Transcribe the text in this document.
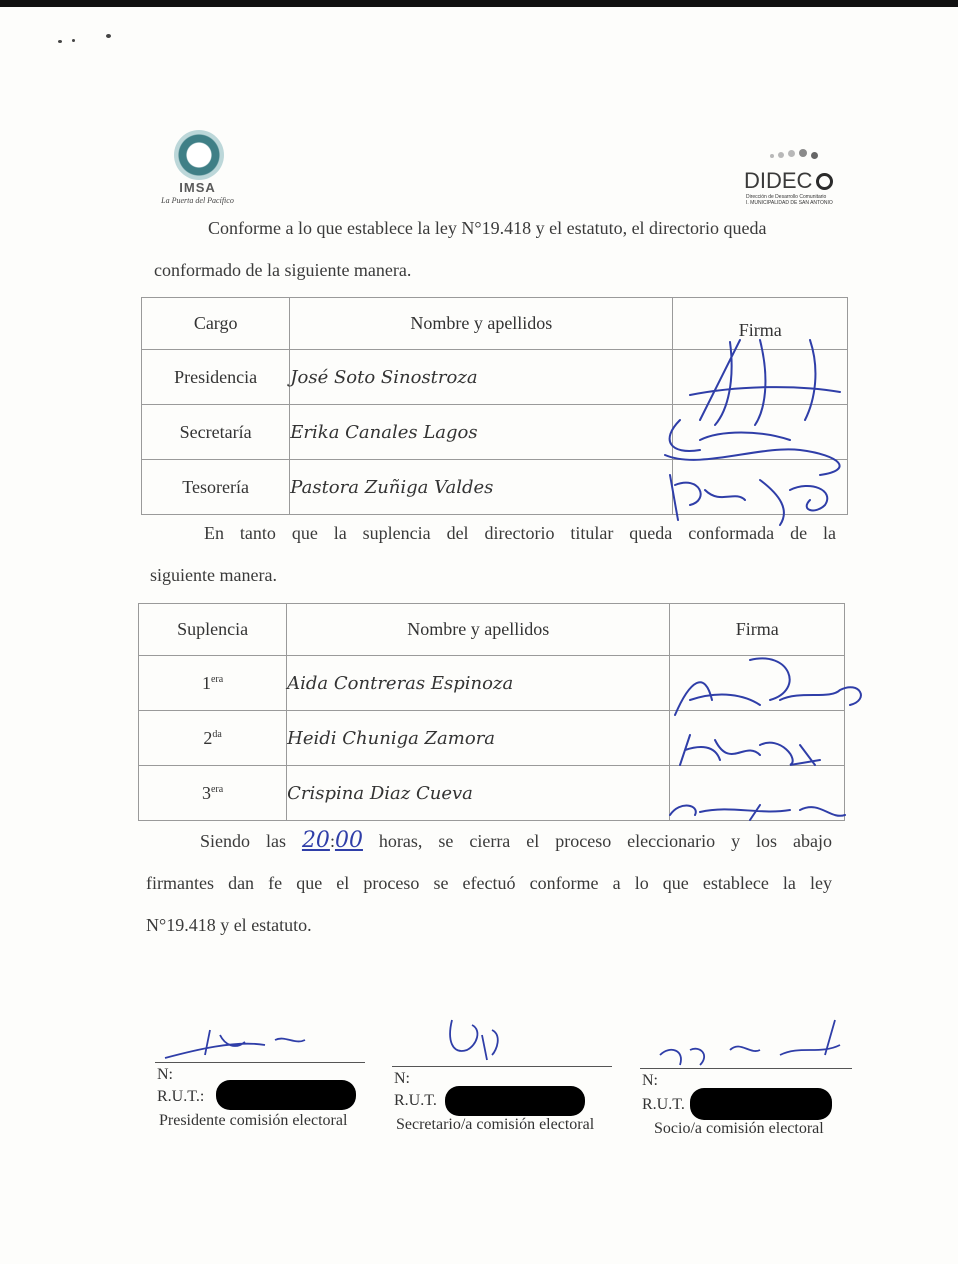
IMSA
La Puerta del Pacífico
DIDEC
Dirección de Desarrollo Comunitario
I. MUNICIPALIDAD DE SAN ANTONIO
Conforme a lo que establece la ley N°19.418 y el estatuto, el directorio queda
conformado de la siguiente manera.
Cargo	Nombre y apellidos	Firma
Presidencia	José Soto Sinostroza	
Secretaría	Erika Canales Lagos	
Tesorería	Pastora Zuñiga Valdes	
En tanto que la suplencia del directorio titular queda conformada de la
siguiente manera.
Suplencia	Nombre y apellidos	Firma
$1^{era}$	Aida Contreras Espinoza	
$2^{da}$	Heidi Chuniga Zamora	
$3^{era}$	Crispina Diaz Cueva	
Siendo las 20:00 horas, se cierra el proceso eleccionario y los abajo
firmantes dan fe que el proceso se efectuó conforme a lo que establece la ley
N°19.418 y el estatuto.
N:
R.U.T.:
Presidente comisión electoral
N:
R.U.T.
Secretario/a comisión electoral
N:
R.U.T.
Socio/a comisión electoral
